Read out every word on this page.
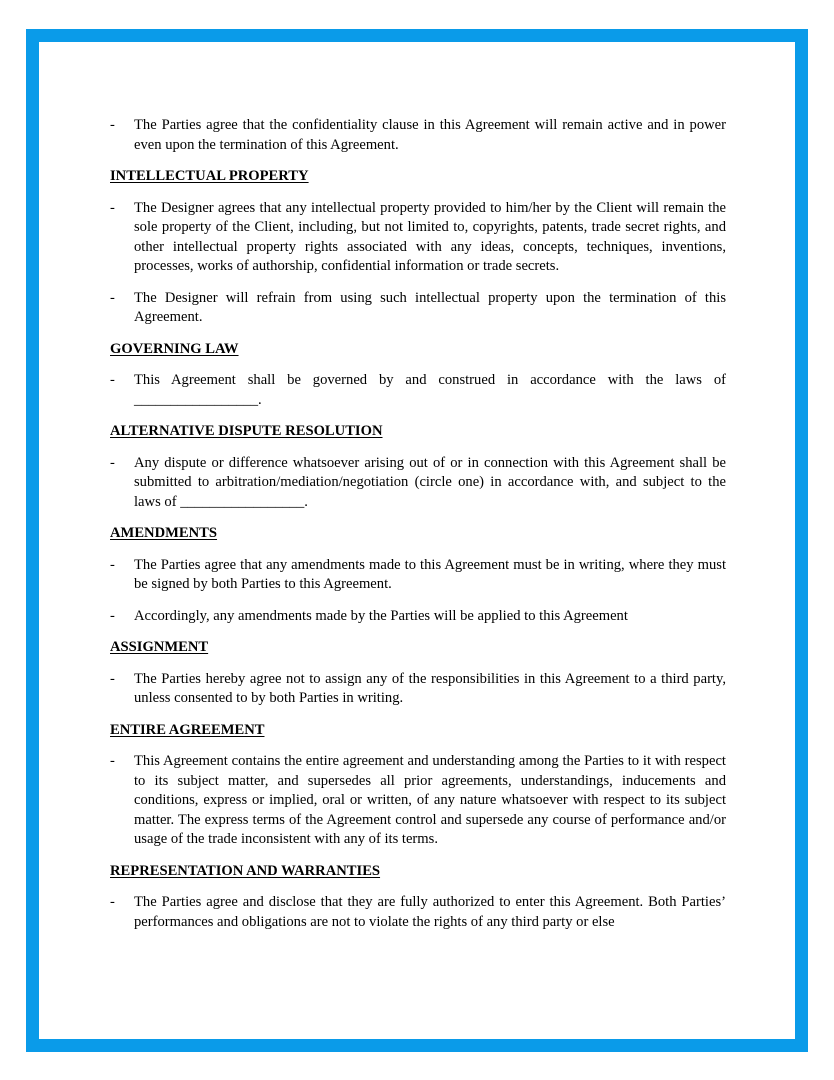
- The Parties agree that the confidentiality clause in this Agreement will remain active and in power even upon the termination of this Agreement.
INTELLECTUAL PROPERTY
- The Designer agrees that any intellectual property provided to him/her by the Client will remain the sole property of the Client, including, but not limited to, copyrights, patents, trade secret rights, and other intellectual property rights associated with any ideas, concepts, techniques, inventions, processes, works of authorship, confidential information or trade secrets.
- The Designer will refrain from using such intellectual property upon the termination of this Agreement.
GOVERNING LAW
- This Agreement shall be governed by and construed in accordance with the laws of _________________.
ALTERNATIVE DISPUTE RESOLUTION
- Any dispute or difference whatsoever arising out of or in connection with this Agreement shall be submitted to arbitration/mediation/negotiation (circle one) in accordance with, and subject to the laws of _________________.
AMENDMENTS
- The Parties agree that any amendments made to this Agreement must be in writing, where they must be signed by both Parties to this Agreement.
- Accordingly, any amendments made by the Parties will be applied to this Agreement
ASSIGNMENT
- The Parties hereby agree not to assign any of the responsibilities in this Agreement to a third party, unless consented to by both Parties in writing.
ENTIRE AGREEMENT
- This Agreement contains the entire agreement and understanding among the Parties to it with respect to its subject matter, and supersedes all prior agreements, understandings, inducements and conditions, express or implied, oral or written, of any nature whatsoever with respect to its subject matter. The express terms of the Agreement control and supersede any course of performance and/or usage of the trade inconsistent with any of its terms.
REPRESENTATION AND WARRANTIES
- The Parties agree and disclose that they are fully authorized to enter this Agreement. Both Parties’ performances and obligations are not to violate the rights of any third party or else
